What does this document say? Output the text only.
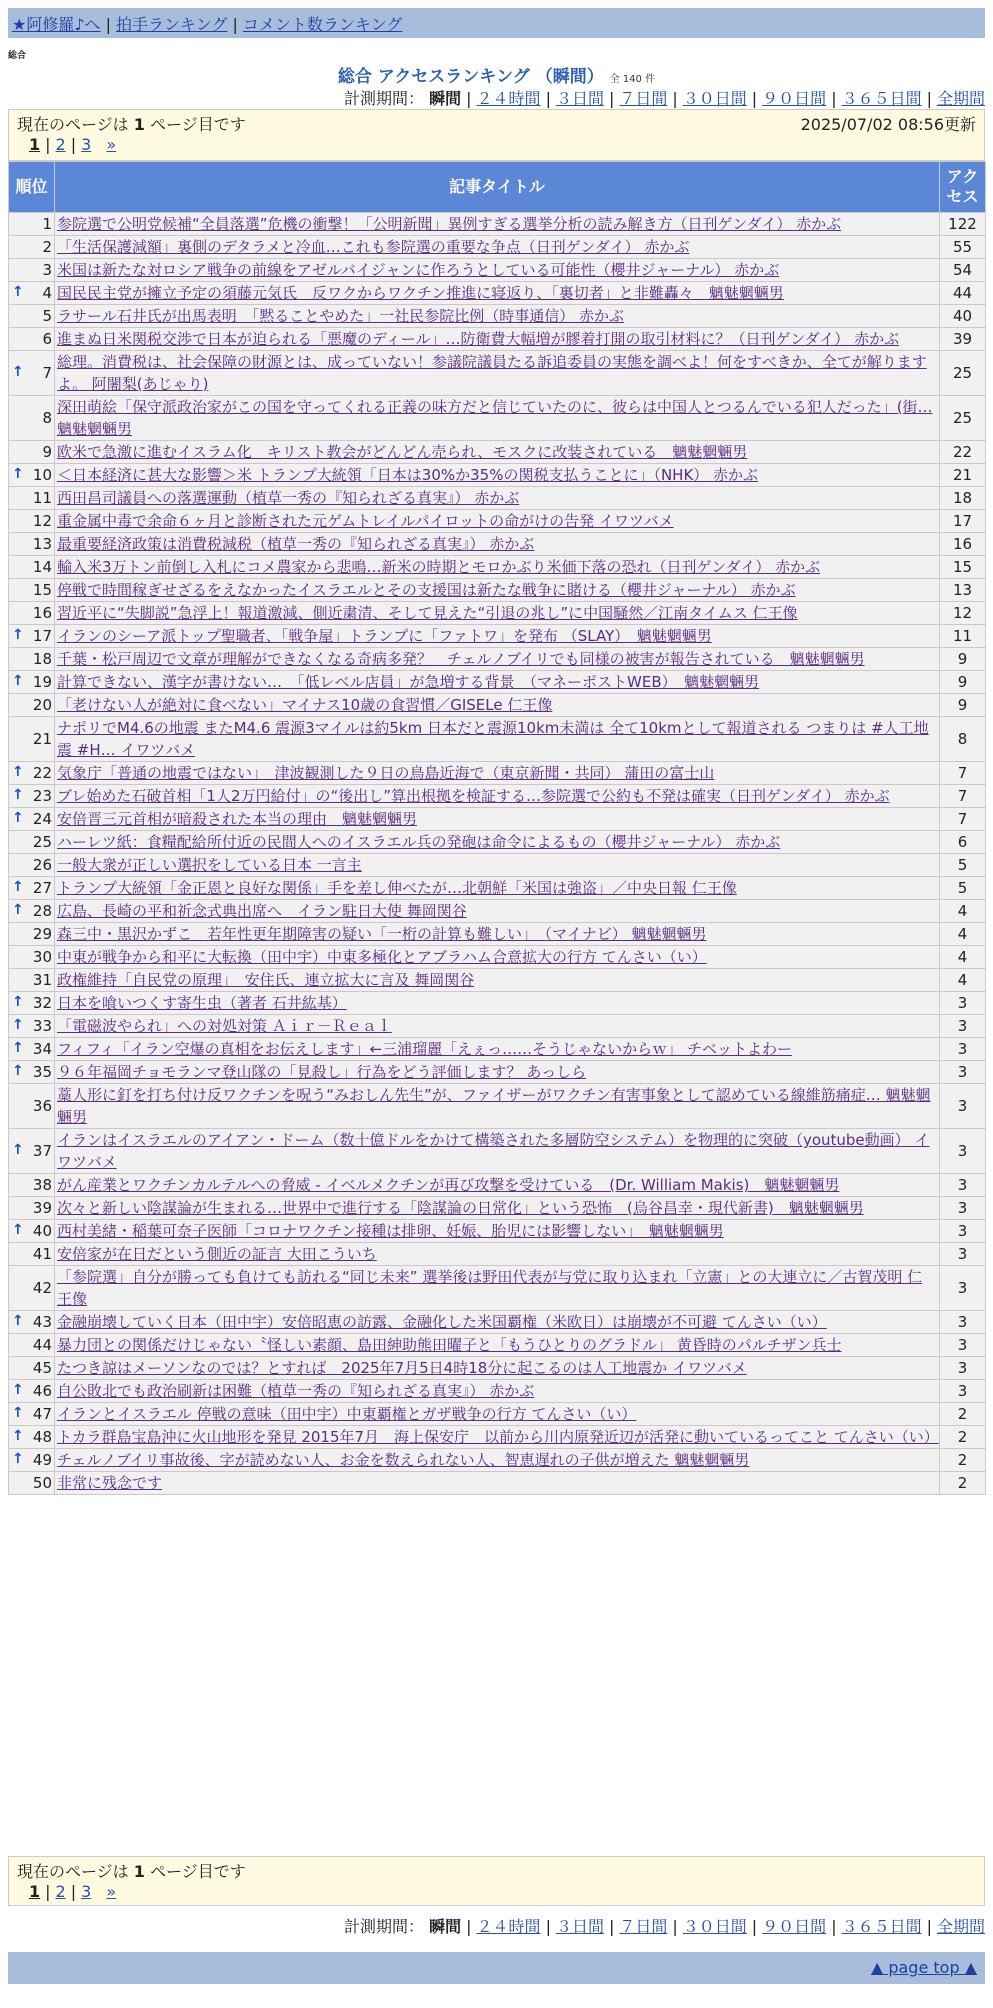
★阿修羅♪へ | 拍手ランキング | コメント数ランキング
総合
総合 アクセスランキング （瞬間） 全 140 件
計測期間： 瞬間 | ２４時間 | ３日間 | ７日間 | ３０日間 | ９０日間 | ３６５日間 | 全期間
現在のページは 1 ページ目です	2025/07/02 08:56更新
1 | 2 | 3 »
順位	記事タイトル	アクセス
1	参院選で公明党候補“全員落選”危機の衝撃！「公明新聞」異例すぎる選挙分析の読み解き方（日刊ゲンダイ） 赤かぶ	122
2	「生活保護減額」裏側のデタラメと冷血…これも参院選の重要な争点（日刊ゲンダイ） 赤かぶ	55
3	米国は新たな対ロシア戦争の前線をアゼルバイジャンに作ろうとしている可能性（櫻井ジャーナル） 赤かぶ	54

↑ 4	国民民主党が擁立予定の須藤元気氏　反ワクからワクチン推進に寝返り、「裏切者」と非難轟々　魑魅魍魎男	44
5	ラサール石井氏が出馬表明　「黙ることやめた」一社民参院比例（時事通信） 赤かぶ	40
6	進まぬ日米関税交渉で日本が迫られる「悪魔のディール」…防衛費大幅増が膠着打開の取引材料に？（日刊ゲンダイ） 赤かぶ	39

↑ 7	総理。消費税は、社会保障の財源とは、成っていない！参議院議員たる訴追委員の実態を調べよ！何をすべきか、全てが解りますよ。 阿闍梨(あじゃり)	25
8	深田萌絵「保守派政治家がこの国を守ってくれる正義の味方だと信じていたのに、彼らは中国人とつるんでいる犯人だった」(街… 魑魅魍魎男	25
9	欧米で急激に進むイスラム化　キリスト教会がどんどん売られ、モスクに改装されている　魑魅魍魎男	22

↑ 10	＜日本経済に甚大な影響＞米 トランプ大統領「日本は30%か35%の関税支払うことに」（NHK） 赤かぶ	21
11	西田昌司議員への落選運動（植草一秀の『知られざる真実』） 赤かぶ	18
12	重金属中毒で余命６ヶ月と診断された元ゲムトレイルパイロットの命がけの告発 イワツバメ	17
13	最重要経済政策は消費税減税（植草一秀の『知られざる真実』） 赤かぶ	16
14	輸入米3万トン前倒し入札にコメ農家から悲鳴…新米の時期とモロかぶり米価下落の恐れ（日刊ゲンダイ） 赤かぶ	15
15	停戦で時間稼ぎせざるをえなかったイスラエルとその支援国は新たな戦争に賭ける（櫻井ジャーナル） 赤かぶ	13
16	習近平に“失脚説”急浮上！報道激減、側近粛清、そして見えた“引退の兆し”に中国騒然／江南タイムス 仁王像	12

↑ 17	イランのシーア派トップ聖職者、「戦争屋」トランプに「ファトワ」を発布 （SLAY）　魑魅魍魎男	11
18	千葉・松戸周辺で文章が理解ができなくなる奇病多発？　チェルノブイリでも同様の被害が報告されている　魑魅魍魎男	9

↑ 19	計算できない、漢字が書けない…　「低レベル店員」が急増する背景　（マネーポストWEB）　魑魅魍魎男	9
20	「老けない人が絶対に食べない」マイナス10歳の食習慣／GISELe 仁王像	9
21	ナポリでM4.6の地震 またM4.6 震源3マイルは約5km 日本だと震源10km未満は 全て10kmとして報道される つまりは #人工地震 #H… イワツバメ	8

↑ 22	気象庁「普通の地震ではない」　津波観測した９日の鳥島近海で（東京新聞・共同） 蒲田の富士山	7

↑ 23	ブレ始めた石破首相「1人2万円給付」の“後出し”算出根拠を検証する…参院選で公約も不発は確実（日刊ゲンダイ） 赤かぶ	7

↑ 24	安倍晋三元首相が暗殺された本当の理由　魑魅魍魎男	7
25	ハーレツ紙：食糧配給所付近の民間人へのイスラエル兵の発砲は命令によるもの（櫻井ジャーナル） 赤かぶ	6
26	一般大衆が正しい選択をしている日本 一言主	5

↑ 27	トランプ大統領「金正恩と良好な関係」手を差し伸べたが…北朝鮮「米国は強盗」／中央日報 仁王像	5

↑ 28	広島、長崎の平和祈念式典出席へ　イラン駐日大使 舞岡関谷	4
29	森三中・黒沢かずこ　若年性更年期障害の疑い「一桁の計算も難しい」　（マイナビ） 魑魅魍魎男	4
30	中東が戦争から和平に大転換（田中宇）中東多極化とアブラハム合意拡大の行方 てんさい（い）	4
31	政権維持「自民党の原理」　安住氏、連立拡大に言及 舞岡関谷	4

↑ 32	日本を喰いつくす寄生虫（著者 石井紘基）	3

↑ 33	「電磁波やられ」への対処対策 Ａｉｒ－Ｒｅａｌ	3

↑ 34	フィフィ「イラン空爆の真相をお伝えします」←三浦瑠麗「えぇっ……そうじゃないからｗ」 チベットよわー	3

↑ 35	９６年福岡チョモランマ登山隊の「見殺し」行為をどう評価します？ あっしら	3
36	藁人形に釘を打ち付け反ワクチンを呪う“みおしん先生”が、ファイザーがワクチン有害事象として認めている線維筋痛症… 魑魅魍魎男	3

↑ 37	イランはイスラエルのアイアン・ドーム（数十億ドルをかけて構築された多層防空システム）を物理的に突破（youtube動画） イワツバメ	3
38	がん産業とワクチンカルテルへの脅威 - イベルメクチンが再び攻撃を受けている　(Dr. William Makis)　魑魅魍魎男	3
39	次々と新しい陰謀論が生まれる…世界中で進行する「陰謀論の日常化」という恐怖　(烏谷昌幸・現代新書)　魑魅魍魎男	3

↑ 40	西村美緒・稲葉可奈子医師「コロナワクチン接種は排卵、妊娠、胎児には影響しない」　魑魅魍魎男	3
41	安倍家が在日だという側近の証言 大田こういち	3
42	「参院選」自分が勝っても負けても訪れる“同じ未来” 選挙後は野田代表が与党に取り込まれ「立憲」との大連立に／古賀茂明 仁王像	3

↑ 43	金融崩壊していく日本（田中宇）安倍昭恵の訪露、金融化した米国覇権（米欧日）は崩壊が不可避 てんさい（い）	3
44	暴力団との関係だけじゃない〝怪しい素顔、島田紳助熊田曜子と「もうひとりのグラドル」 黄昏時のパルチザン兵士	3
45	たつき諒はメーソンなのでは？とすれば　2025年7月5日4時18分に起こるのは人工地震か イワツバメ	3

↑ 46	自公敗北でも政治刷新は困難（植草一秀の『知られざる真実』） 赤かぶ	3

↑ 47	イランとイスラエル 停戦の意味（田中宇）中東覇権とガザ戦争の行方 てんさい（い）	2

↑ 48	トカラ群島宝島沖に火山地形を発見 2015年7月　海上保安庁　以前から川内原発近辺が活発に動いているってこと てんさい（い）	2

↑ 49	チェルノブイリ事故後、字が読めない人、お金を数えられない人、智恵遅れの子供が増えた 魑魅魍魎男	2
50	非常に残念です	2
現在のページは 1 ページ目です
1 | 2 | 3 »
計測期間： 瞬間 | ２４時間 | ３日間 | ７日間 | ３０日間 | ９０日間 | ３６５日間 | 全期間
▲ page top ▲
